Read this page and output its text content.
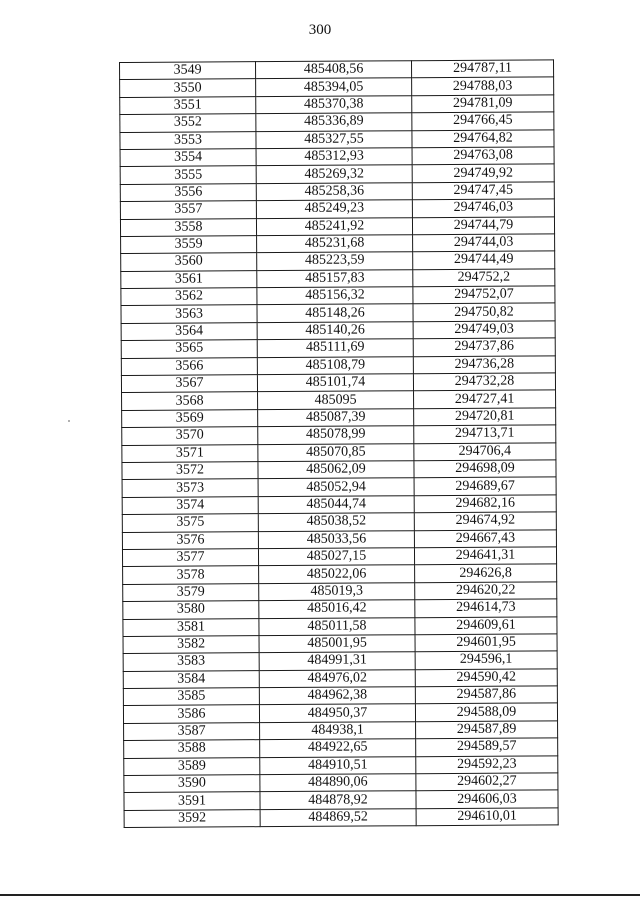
300
3549	485408,56	294787,11
3550	485394,05	294788,03
3551	485370,38	294781,09
3552	485336,89	294766,45
3553	485327,55	294764,82
3554	485312,93	294763,08
3555	485269,32	294749,92
3556	485258,36	294747,45
3557	485249,23	294746,03
3558	485241,92	294744,79
3559	485231,68	294744,03
3560	485223,59	294744,49
3561	485157,83	294752,2
3562	485156,32	294752,07
3563	485148,26	294750,82
3564	485140,26	294749,03
3565	485111,69	294737,86
3566	485108,79	294736,28
3567	485101,74	294732,28
3568	485095	294727,41
3569	485087,39	294720,81
3570	485078,99	294713,71
3571	485070,85	294706,4
3572	485062,09	294698,09
3573	485052,94	294689,67
3574	485044,74	294682,16
3575	485038,52	294674,92
3576	485033,56	294667,43
3577	485027,15	294641,31
3578	485022,06	294626,8
3579	485019,3	294620,22
3580	485016,42	294614,73
3581	485011,58	294609,61
3582	485001,95	294601,95
3583	484991,31	294596,1
3584	484976,02	294590,42
3585	484962,38	294587,86
3586	484950,37	294588,09
3587	484938,1	294587,89
3588	484922,65	294589,57
3589	484910,51	294592,23
3590	484890,06	294602,27
3591	484878,92	294606,03
3592	484869,52	294610,01
